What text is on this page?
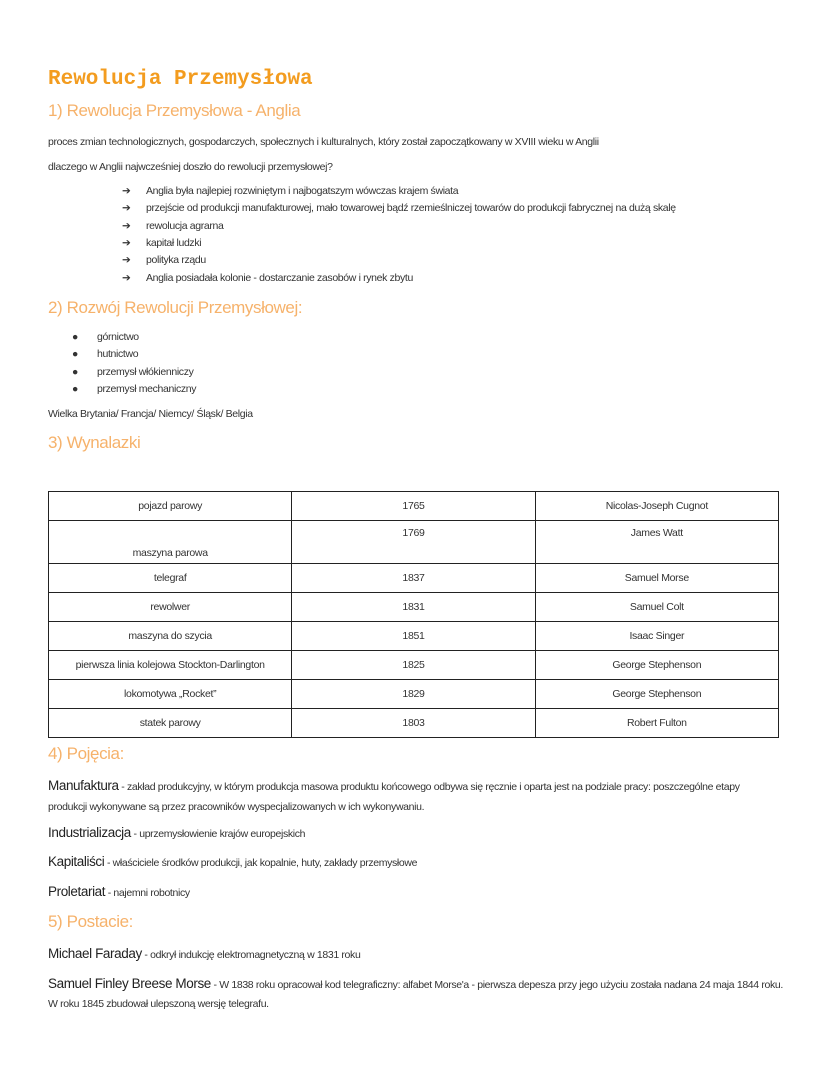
Rewolucja Przemysłowa
1) Rewolucja Przemysłowa - Anglia
proces zmian technologicznych, gospodarczych, społecznych i kulturalnych, który został zapoczątkowany w XVIII wieku w Anglii
dlaczego w Anglii najwcześniej doszło do rewolucji przemysłowej?
2) Rozwój Rewolucji Przemysłowej:
Wielka Brytania/ Francja/ Niemcy/ Śląsk/ Belgia
3) Wynalazki
pojazd parowy	1765	Nicolas-Joseph Cugnot
maszyna parowa	1769	James Watt
telegraf	1837	Samuel Morse
rewolwer	1831	Samuel Colt
maszyna do szycia	1851	Isaac Singer
pierwsza linia kolejowa Stockton-Darlington	1825	George Stephenson
lokomotywa „Rocket”	1829	George Stephenson
statek parowy	1803	Robert Fulton
4) Pojęcia:
Manufaktura - zakład produkcyjny, w którym produkcja masowa produktu końcowego odbywa się ręcznie i oparta jest na podziale pracy: poszczególne etapy
produkcji wykonywane są przez pracowników wyspecjalizowanych w ich wykonywaniu.
Industrializacja - uprzemysłowienie krajów europejskich
Kapitaliści - właściciele środków produkcji, jak kopalnie, huty, zakłady przemysłowe
Proletariat - najemni robotnicy
5) Postacie:
Michael Faraday - odkrył indukcję elektromagnetyczną w 1831 roku
Samuel Finley Breese Morse - W 1838 roku opracował kod telegraficzny: alfabet Morse'a - pierwsza depesza przy jego użyciu została nadana 24 maja 1844 roku.
W roku 1845 zbudował ulepszoną wersję telegrafu.
➔ Anglia była najlepiej rozwiniętym i najbogatszym wówczas krajem świata
➔ przejście od produkcji manufakturowej, mało towarowej bądź rzemieślniczej towarów do produkcji fabrycznej na dużą skalę
➔ rewolucja agrarna
➔ kapitał ludzki
➔ polityka rządu
➔ Anglia posiadała kolonie - dostarczanie zasobów i rynek zbytu
● górnictwo
● hutnictwo
● przemysł włókienniczy
● przemysł mechaniczny
